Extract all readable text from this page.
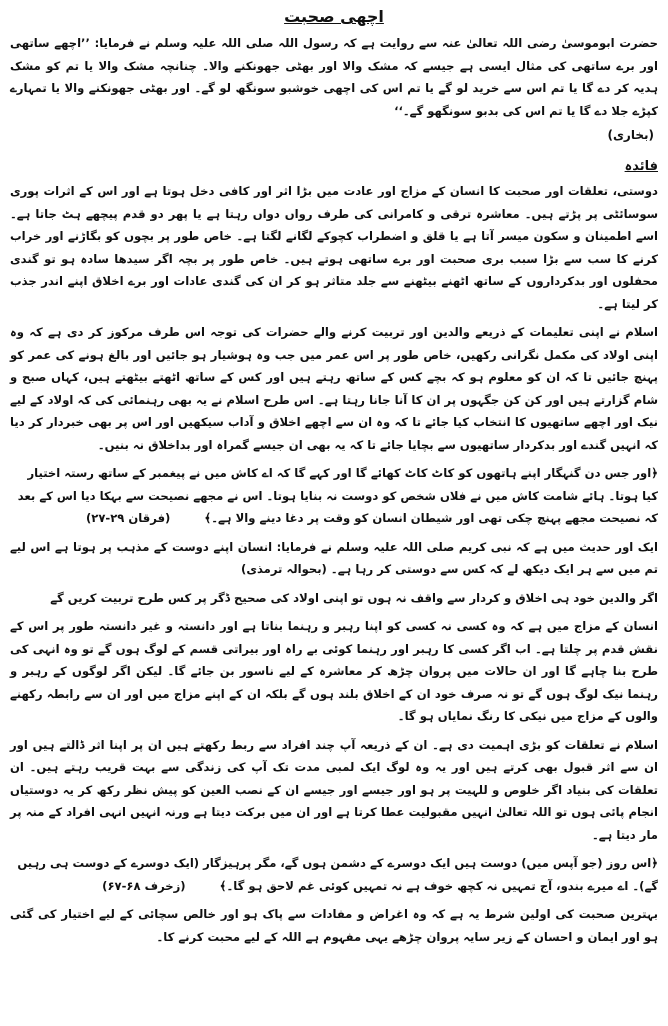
اچھی صحبت

حضرت ابوموسیٰ رضی اللہ تعالیٰ عنہ سے روایت ہے کہ رسول اللہ صلی اللہ علیہ وسلم نے فرمایا: ’’اچھے ساتھی اور برے ساتھی کی مثال ایسی ہے جیسے کہ مشک والا اور بھٹی جھونکنے والا۔ چنانچہ مشک والا یا تم کو مشک ہدیہ کر دے گا یا تم اس سے خرید لو گے یا تم اس کی اچھی خوشبو سونگھ لو گے۔ اور بھٹی جھونکنے والا یا تمہارے کپڑے جلا دے گا یا تم اس کی بدبو سونگھو گے۔‘‘

(بخاری)
فائدہ

دوستی، تعلقات اور صحبت کا انسان کے مزاج اور عادت میں بڑا اثر اور کافی دخل ہوتا ہے اور اس کے اثرات پوری سوسائٹی پر پڑتے ہیں۔ معاشرہ ترقی و کامرانی کی طرف رواں دواں رہتا ہے یا پھر دو قدم پیچھے ہٹ جاتا ہے۔ اسے اطمینان و سکون میسر آتا ہے یا قلق و اضطراب کچوکے لگانے لگتا ہے۔ خاص طور پر بچوں کو بگاڑنے اور خراب کرنے کا سب سے بڑا سبب بری صحبت اور برے ساتھی ہوتے ہیں۔ خاص طور پر بچہ اگر سیدھا سادہ ہو تو گندی محفلوں اور بدکرداروں کے ساتھ اٹھنے بیٹھنے سے جلد متاثر ہو کر ان کی گندی عادات اور برے اخلاق اپنے اندر جذب کر لیتا ہے۔

اسلام نے اپنی تعلیمات کے ذریعے والدین اور تربیت کرنے والے حضرات کی توجہ اس طرف مرکوز کر دی ہے کہ وہ اپنی اولاد کی مکمل نگرانی رکھیں، خاص طور پر اس عمر میں جب وہ ہوشیار ہو جائیں اور بالغ ہونے کی عمر کو پہنچ جائیں تا کہ ان کو معلوم ہو کہ بچے کس کے ساتھ رہتے ہیں اور کس کے ساتھ اٹھتے بیٹھتے ہیں، کہاں صبح و شام گزارتے ہیں اور کن کن جگہوں پر ان کا آنا جانا رہتا ہے۔ اس طرح اسلام نے یہ بھی رہنمائی کی کہ اولاد کے لیے نیک اور اچھے ساتھیوں کا انتخاب کیا جائے تا کہ وہ ان سے اچھے اخلاق و آداب سیکھیں اور اس پر بھی خبردار کر دیا کہ انہیں گندے اور بدکردار ساتھیوں سے بچایا جائے تا کہ یہ بھی ان جیسے گمراہ اور بداخلاق نہ بنیں۔

﴿اور جس دن گنہگار اپنے ہاتھوں کو کاٹ کاٹ کھائے گا اور کہے گا کہ اے کاش میں نے پیغمبر کے ساتھ رستہ اختیار کیا ہوتا۔ ہائے شامت کاش میں نے فلاں شخص کو دوست نہ بنایا ہوتا۔ اس نے مجھے نصیحت سے بہکا دیا اس کے بعد کہ نصیحت مجھے پہنچ چکی تھی اور شیطان انسان کو وقت پر دغا دینے والا ہے۔﴾ (فرقان ۲۹-۲۷)

ایک اور حدیث میں ہے کہ نبی کریم صلی اللہ علیہ وسلم نے فرمایا: انسان اپنے دوست کے مذہب پر ہوتا ہے اس لیے تم میں سے ہر ایک دیکھ لے کہ کس سے دوستی کر رہا ہے۔ (بحوالہ ترمذی)

اگر والدین خود ہی اخلاق و کردار سے واقف نہ ہوں تو اپنی اولاد کی صحیح ڈگر پر کس طرح تربیت کریں گے

انسان کے مزاج میں ہے کہ وہ کسی نہ کسی کو اپنا رہبر و رہنما بناتا ہے اور دانستہ و غیر دانستہ طور پر اس کے نقش قدم پر چلتا ہے۔ اب اگر کسی کا رہبر اور رہنما کوئی بے راہ اور بیراتی قسم کے لوگ ہوں گے تو وہ انہی کی طرح بنا چاہے گا اور ان حالات میں پروان چڑھ کر معاشرہ کے لیے ناسور بن جائے گا۔ لیکن اگر لوگوں کے رہبر و رہنما نیک لوگ ہوں گے تو نہ صرف خود ان کے اخلاق بلند ہوں گے بلکہ ان کے اپنے مزاج میں اور ان سے رابطہ رکھنے والوں کے مزاج میں نیکی کا رنگ نمایاں ہو گا۔

اسلام نے تعلقات کو بڑی اہمیت دی ہے۔ ان کے ذریعہ آپ چند افراد سے ربط رکھتے ہیں ان پر اپنا اثر ڈالتے ہیں اور ان سے اثر قبول بھی کرتے ہیں اور یہ وہ لوگ ایک لمبی مدت تک آپ کی زندگی سے بہت قریب رہتے ہیں۔ ان تعلقات کی بنیاد اگر خلوص و للہیت پر ہو اور جیسے اور جیسے ان کے نصب العین کو پیش نظر رکھ کر یہ دوستیاں انجام پائی ہوں تو اللہ تعالیٰ انہیں مقبولیت عطا کرتا ہے اور ان میں برکت دیتا ہے ورنہ انہیں انہی افراد کے منہ پر مار دیتا ہے۔

﴿اس روز (جو آپس میں) دوست ہیں ایک دوسرے کے دشمن ہوں گے، مگر پرہیزگار (ایک دوسرے کے دوست ہی رہیں گے)۔ اے میرے بندو، آج تمہیں نہ کچھ خوف ہے نہ تمہیں کوئی غم لاحق ہو گا۔﴾ (زخرف ۶۸-۶۷)

بہترین صحبت کی اولین شرط یہ ہے کہ وہ اغراض و مفادات سے پاک ہو اور خالص سچائی کے لیے اختیار کی گئی ہو اور ایمان و احسان کے زیر سایہ پروان چڑھے یہی مفہوم ہے اللہ کے لیے محبت کرنے کا۔
